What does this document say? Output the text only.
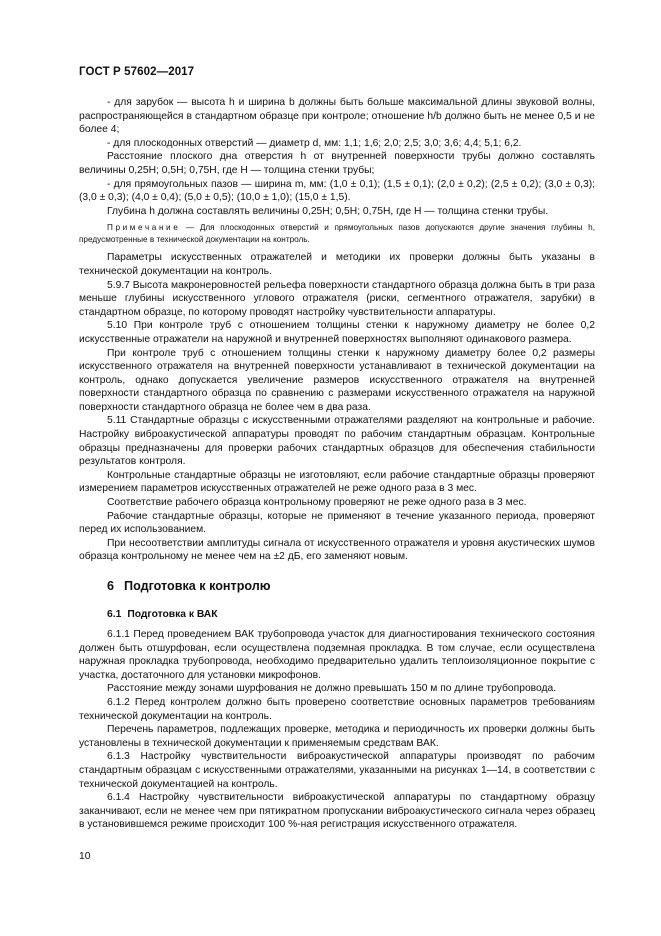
ГОСТ Р 57602—2017

- для зарубок — высота h и ширина b должны быть больше максимальной длины звуковой волны, распространяющейся в стандартном образце при контроле; отношение h/b должно быть не менее 0,5 и не более 4;

- для плоскодонных отверстий — диаметр d, мм: 1,1; 1,6; 2,0; 2,5; 3,0; 3,6; 4,4; 5,1; 6,2.

Расстояние плоского дна отверстия h от внутренней поверхности трубы должно составлять величины 0,25H; 0,5H; 0,75H, где H — толщина стенки трубы;

- для прямоугольных пазов — ширина m, мм: (1,0 ± 0,1); (1,5 ± 0,1); (2,0 ± 0,2); (2,5 ± 0,2); (3,0 ± 0,3); (3,0 ± 0,3); (4,0 ± 0,4); (5,0 ± 0,5); (10,0 ± 1,0); (15,0 ± 1,5).

Глубина h должна составлять величины 0,25H; 0,5H; 0,75H, где H — толщина стенки трубы.

Примечание — Для плоскодонных отверстий и прямоугольных пазов допускаются другие значения глубины h, предусмотренные в технической документации на контроль.

Параметры искусственных отражателей и методики их проверки должны быть указаны в технической документации на контроль.

5.9.7 Высота макронеровностей рельефа поверхности стандартного образца должна быть в три раза меньше глубины искусственного углового отражателя (риски, сегментного отражателя, зарубки) в стандартном образце, по которому проводят настройку чувствительности аппаратуры.

5.10 При контроле труб с отношением толщины стенки к наружному диаметру не более 0,2 искусственные отражатели на наружной и внутренней поверхностях выполняют одинакового размера.

При контроле труб с отношением толщины стенки к наружному диаметру более 0,2 размеры искусственного отражателя на внутренней поверхности устанавливают в технической документации на контроль, однако допускается увеличение размеров искусственного отражателя на внутренней поверхности стандартного образца по сравнению с размерами искусственного отражателя на наружной поверхности стандартного образца не более чем в два раза.

5.11 Стандартные образцы с искусственными отражателями разделяют на контрольные и рабочие. Настройку виброакустической аппаратуры проводят по рабочим стандартным образцам. Контрольные образцы предназначены для проверки рабочих стандартных образцов для обеспечения стабильности результатов контроля.

Контрольные стандартные образцы не изготовляют, если рабочие стандартные образцы проверяют измерением параметров искусственных отражателей не реже одного раза в 3 мес.

Соответствие рабочего образца контрольному проверяют не реже одного раза в 3 мес.

Рабочие стандартные образцы, которые не применяют в течение указанного периода, проверяют перед их использованием.

При несоответствии амплитуды сигнала от искусственного отражателя и уровня акустических шумов образца контрольному не менее чем на ±2 дБ, его заменяют новым.

6 Подготовка к контролю
6.1 Подготовка к ВАК

6.1.1 Перед проведением ВАК трубопровода участок для диагностирования технического состояния должен быть отшурфован, если осуществлена подземная прокладка. В том случае, если осуществлена наружная прокладка трубопровода, необходимо предварительно удалить теплоизоляционное покрытие с участка, достаточного для установки микрофонов.

Расстояние между зонами шурфования не должно превышать 150 м по длине трубопровода.

6.1.2 Перед контролем должно быть проверено соответствие основных параметров требованиям технической документации на контроль.

Перечень параметров, подлежащих проверке, методика и периодичность их проверки должны быть установлены в технической документации к применяемым средствам ВАК.

6.1.3 Настройку чувствительности виброакустической аппаратуры производят по рабочим стандартным образцам с искусственными отражателями, указанными на рисунках 1—14, в соответствии с технической документацией на контроль.

6.1.4 Настройку чувствительности виброакустической аппаратуры по стандартному образцу заканчивают, если не менее чем при пятикратном пропускании виброакустического сигнала через образец в установившемся режиме происходит 100 %-ная регистрация искусственного отражателя.

10
